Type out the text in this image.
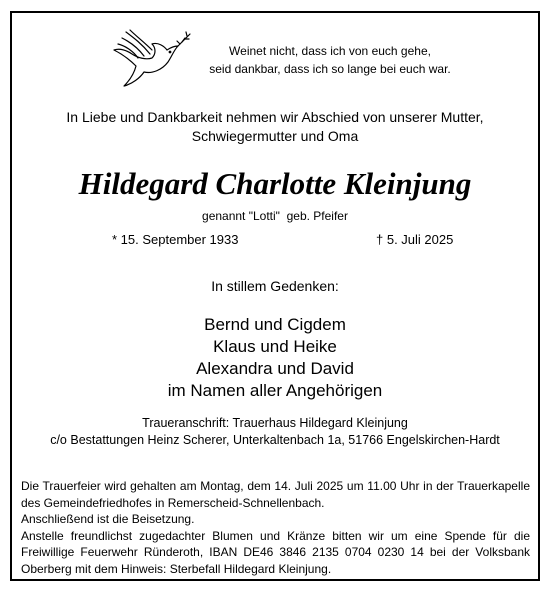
Weinet nicht, dass ich von euch gehe,
seid dankbar, dass ich so lange bei euch war.
In Liebe und Dankbarkeit nehmen wir Abschied von unserer Mutter,
Schwiegermutter und Oma
Hildegard Charlotte Kleinjung
genannt "Lotti"  geb. Pfeifer
* 15. September 1933	† 5. Juli 2025
In stillem Gedenken:
Bernd und Cigdem
Klaus und Heike
Alexandra und David
im Namen aller Angehörigen
Traueranschrift: Trauerhaus Hildegard Kleinjung
c/o Bestattungen Heinz Scherer, Unterkaltenbach 1a, 51766 Engelskirchen-Hardt

Die Trauerfeier wird gehalten am Montag, dem 14. Juli 2025 um 11.00 Uhr in der Trauerkapelle des Gemeindefriedhofes in Remerscheid-Schnellenbach.

Anschließend ist die Beisetzung.

Anstelle freundlichst zugedachter Blumen und Kränze bitten wir um eine Spende für die Freiwillige Feuerwehr Ründeroth, IBAN DE46 3846 2135 0704 0230 14 bei der Volksbank Oberberg mit dem Hinweis: Sterbefall Hildegard Kleinjung.
